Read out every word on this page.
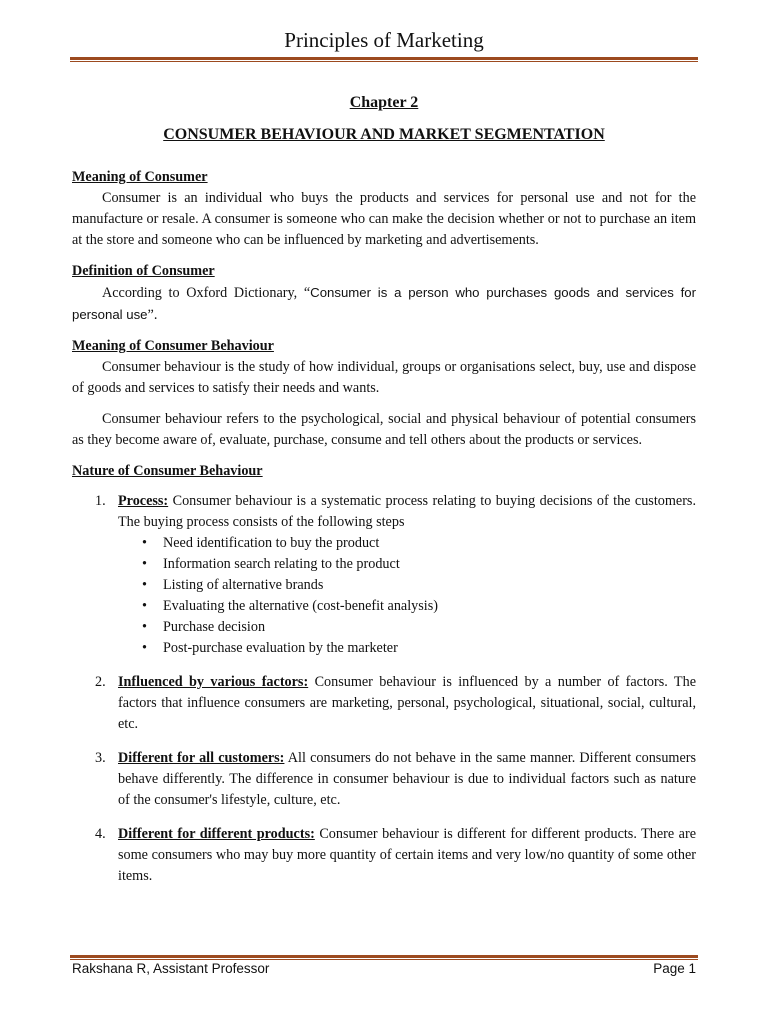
Principles of Marketing

Chapter 2

CONSUMER BEHAVIOUR AND MARKET SEGMENTATION

Meaning of Consumer

Consumer is an individual who buys the products and services for personal use and not for the manufacture or resale. A consumer is someone who can make the decision whether or not to purchase an item at the store and someone who can be influenced by marketing and advertisements.

Definition of Consumer

According to Oxford Dictionary, “Consumer is a person who purchases goods and services for personal use”.

Meaning of Consumer Behaviour

Consumer behaviour is the study of how individual, groups or organisations select, buy, use and dispose of goods and services to satisfy their needs and wants.

Consumer behaviour refers to the psychological, social and physical behaviour of potential consumers as they become aware of, evaluate, purchase, consume and tell others about the products or services.

Nature of Consumer Behaviour

1. Process: Consumer behaviour is a systematic process relating to buying decisions of the customers. The buying process consists of the following steps
• Need identification to buy the product
• Information search relating to the product
• Listing of alternative brands
• Evaluating the alternative (cost-benefit analysis)
• Purchase decision
• Post-purchase evaluation by the marketer
2. Influenced by various factors: Consumer behaviour is influenced by a number of factors. The factors that influence consumers are marketing, personal, psychological, situational, social, cultural, etc.
3. Different for all customers: All consumers do not behave in the same manner. Different consumers behave differently. The difference in consumer behaviour is due to individual factors such as nature of the consumer's lifestyle, culture, etc.
4. Different for different products: Consumer behaviour is different for different products. There are some consumers who may buy more quantity of certain items and very low/no quantity of some other items.
Rakshana R, Assistant Professor	Page 1
